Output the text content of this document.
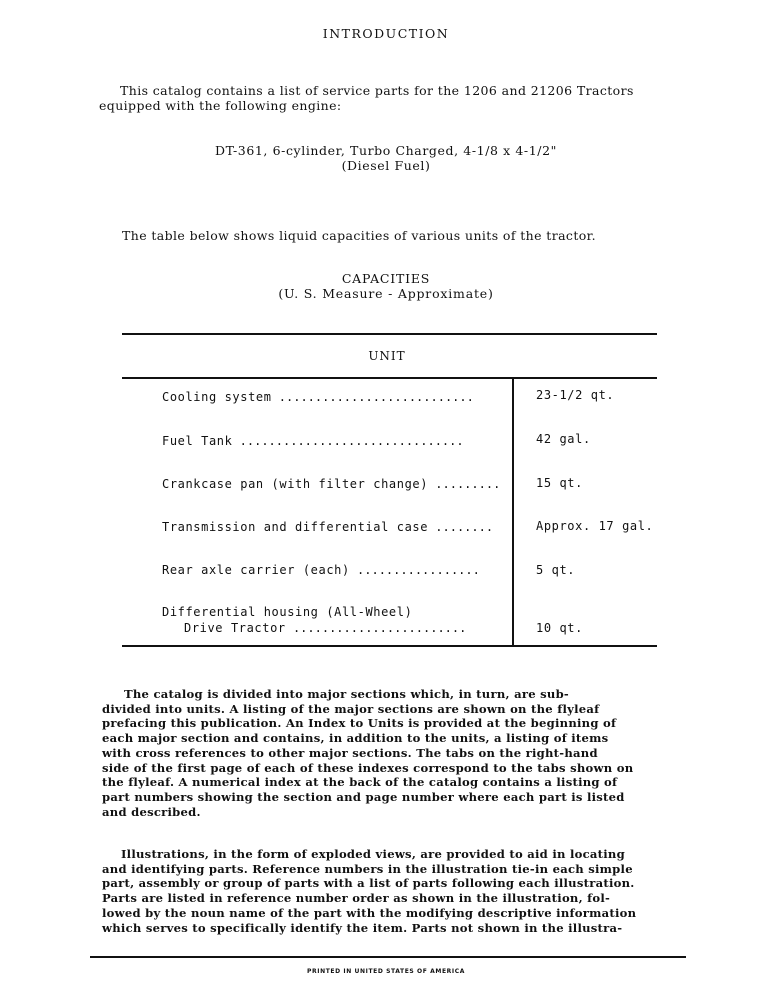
INTRODUCTION
This catalog contains a list of service parts for the 1206 and 21206 Tractors
equipped with the following engine:
DT-361, 6-cylinder, Turbo Charged, 4-1/8 x 4-1/2"
(Diesel Fuel)
The table below shows liquid capacities of various units of the tractor.
CAPACITIES
(U. S. Measure - Approximate)
UNIT
Cooling system ...........................	23-1/2 qt.
Fuel Tank ...............................	42 gal.
Crankcase pan (with filter change) .........	15 qt.
Transmission and differential case ........	Approx. 17 gal.
Rear axle carrier (each) .................	5 qt.
Differential housing (All-Wheel)
Drive Tractor ........................	10 qt.
The catalog is divided into major sections which, in turn, are sub-
divided into units. A listing of the major sections are shown on the flyleaf
prefacing this publication. An Index to Units is provided at the beginning of
each major section and contains, in addition to the units, a listing of items
with cross references to other major sections. The tabs on the right-hand
side of the first page of each of these indexes correspond to the tabs shown on
the flyleaf. A numerical index at the back of the catalog contains a listing of
part numbers showing the section and page number where each part is listed
and described.
Illustrations, in the form of exploded views, are provided to aid in locating
and identifying parts. Reference numbers in the illustration tie-in each simple
part, assembly or group of parts with a list of parts following each illustration.
Parts are listed in reference number order as shown in the illustration, fol-
lowed by the noun name of the part with the modifying descriptive information
which serves to specifically identify the item. Parts not shown in the illustra-
PRINTED IN UNITED STATES OF AMERICA
